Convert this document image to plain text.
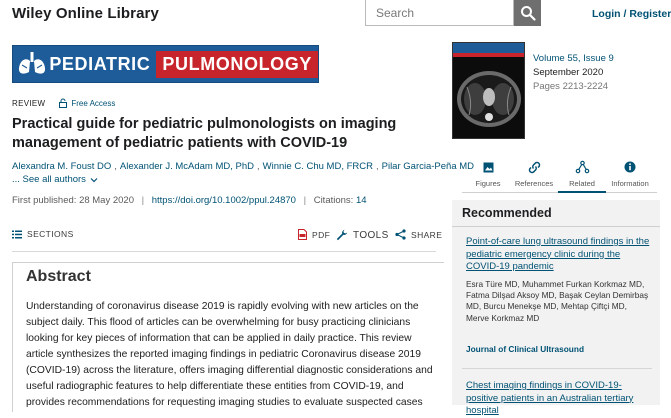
Wiley Online Library
Search	Login / Register
PEDIATRIC PULMONOLOGY
REVIEW	Free Access
Practical guide for pediatric pulmonologists on imaging management of pediatric patients with COVID-19
Alexandra M. Foust DO , Alexander J. McAdam MD, PhD , Winnie C. Chu MD, FRCR , Pilar Garcia-Peña MD
... See all authors
First published: 28 May 2020 | https://doi.org/10.1002/ppul.24870 | Citations: 14
SECTIONS	PDF TOOLS	SHARE
Abstract

Understanding of coronavirus disease 2019 is rapidly evolving with new articles on the subject daily. This flood of articles can be overwhelming for busy practicing clinicians looking for key pieces of information that can be applied in daily practice. This review article synthesizes the reported imaging findings in pediatric Coronavirus disease 2019 (COVID-19) across the literature, offers imaging differential diagnostic considerations and useful radiographic features to help differentiate these entities from COVID-19, and provides recommendations for requesting imaging studies to evaluate suspected cases

Volume 55, Issue 9
September 2020
Pages 2213-2224
Figures References Related Information
Recommended
Point-of-care lung ultrasound findings in the pediatric emergency clinic during the COVID-19 pandemic
Esra Türe MD, Muhammet Furkan Korkmaz MD, Fatma Dilşad Aksoy MD, Başak Ceylan Demirbaş MD, Burcu Menekşe MD, Mehtap Çiftçi MD, Merve Korkmaz MD
Journal of Clinical Ultrasound
Chest imaging findings in COVID-19-positive patients in an Australian tertiary hospital
